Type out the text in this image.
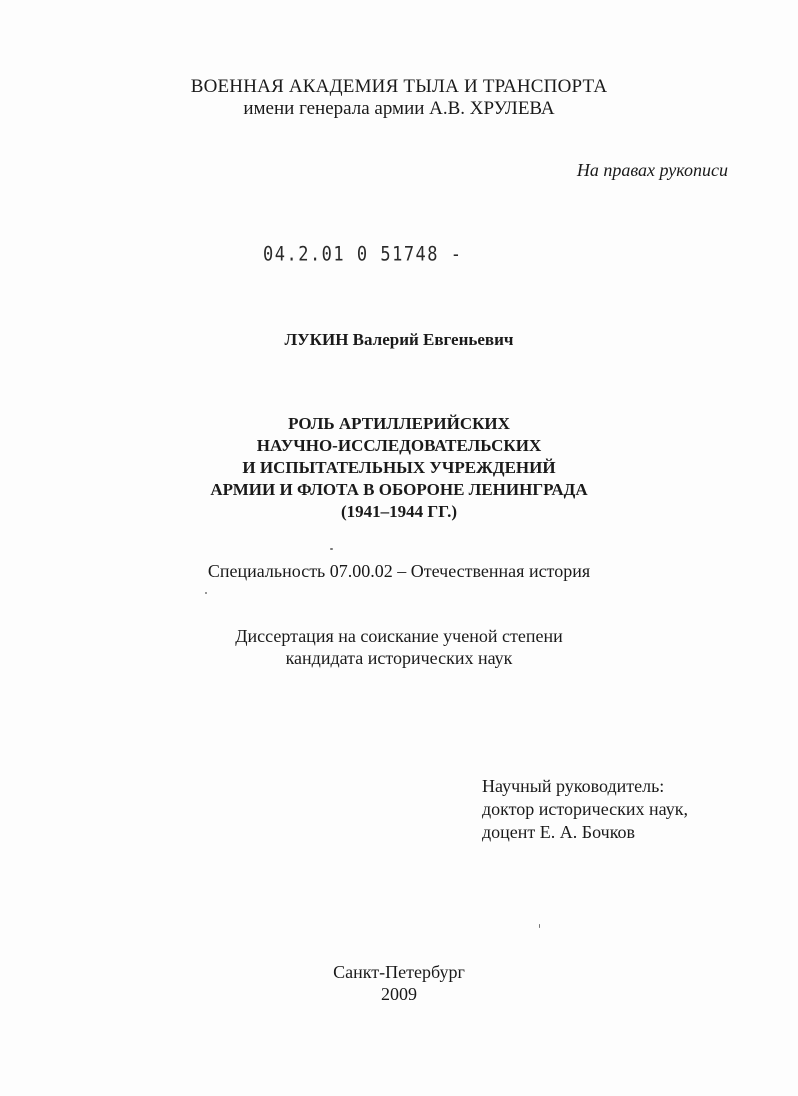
ВОЕННАЯ АКАДЕМИЯ ТЫЛА И ТРАНСПОРТА
имени генерала армии А.В. ХРУЛЕВА
На правах рукописи
04.2.01 0 51748 -
ЛУКИН Валерий Евгеньевич
РОЛЬ АРТИЛЛЕРИЙСКИХ
НАУЧНО-ИССЛЕДОВАТЕЛЬСКИХ
И ИСПЫТАТЕЛЬНЫХ УЧРЕЖДЕНИЙ
АРМИИ И ФЛОТА В ОБОРОНЕ ЛЕНИНГРАДА
(1941–1944 ГГ.)
Специальность 07.00.02 – Отечественная история
Диссертация на соискание ученой степени
кандидата исторических наук
Научный руководитель:
доктор исторических наук,
доцент Е. А. Бочков
Санкт-Петербург
2009
